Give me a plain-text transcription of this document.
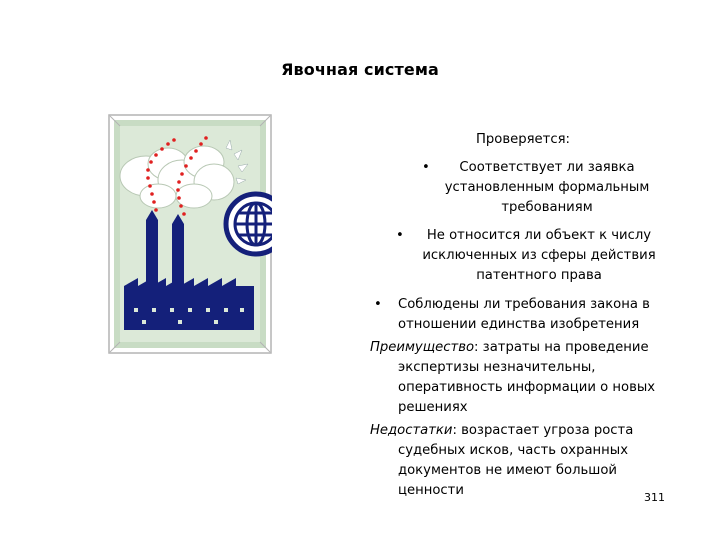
Явочная система

Проверяется:

• Соответствует ли заявка установленным формальным требованиям
• Не относится ли объект к числу исключенных из сферы действия патентного права
• Соблюдены ли требования закона в отношении единства изобретения
Преимущество: затраты на проведение экспертизы незначительны, оперативность информации о новых решениях
Недостатки: возрастает угроза роста судебных исков, часть охранных документов не имеют большой ценности	311
